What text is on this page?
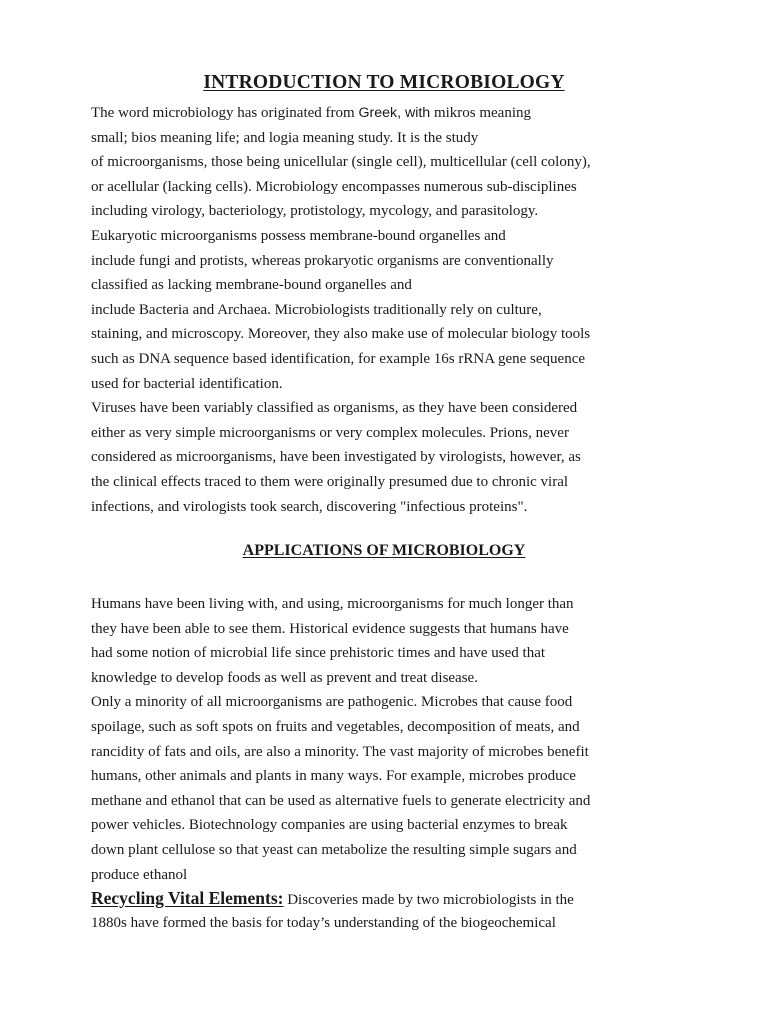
INTRODUCTION TO MICROBIOLOGY
The word microbiology has originated from Greek, with mikros meaning
small; bios meaning life; and logia meaning study. It is the study
of microorganisms, those being unicellular (single cell), multicellular (cell colony),
or acellular (lacking cells). Microbiology encompasses numerous sub-disciplines
including virology, bacteriology, protistology, mycology, and parasitology.
Eukaryotic microorganisms possess membrane-bound organelles and
include fungi and protists, whereas prokaryotic organisms are conventionally
classified as lacking membrane-bound organelles and
include Bacteria and Archaea. Microbiologists traditionally rely on culture,
staining, and microscopy. Moreover, they also make use of molecular biology tools
such as DNA sequence based identification, for example 16s rRNA gene sequence
used for bacterial identification.
Viruses have been variably classified as organisms, as they have been considered
either as very simple microorganisms or very complex molecules. Prions, never
considered as microorganisms, have been investigated by virologists, however, as
the clinical effects traced to them were originally presumed due to chronic viral
infections, and virologists took search, discovering "infectious proteins".
APPLICATIONS OF MICROBIOLOGY
Humans have been living with, and using, microorganisms for much longer than
they have been able to see them. Historical evidence suggests that humans have
had some notion of microbial life since prehistoric times and have used that
knowledge to develop foods as well as prevent and treat disease.
Only a minority of all microorganisms are pathogenic. Microbes that cause food
spoilage, such as soft spots on fruits and vegetables, decomposition of meats, and
rancidity of fats and oils, are also a minority. The vast majority of microbes benefit
humans, other animals and plants in many ways. For example, microbes produce
methane and ethanol that can be used as alternative fuels to generate electricity and
power vehicles. Biotechnology companies are using bacterial enzymes to break
down plant cellulose so that yeast can metabolize the resulting simple sugars and
produce ethanol
Recycling Vital Elements: Discoveries made by two microbiologists in the
1880s have formed the basis for today’s understanding of the biogeochemical
